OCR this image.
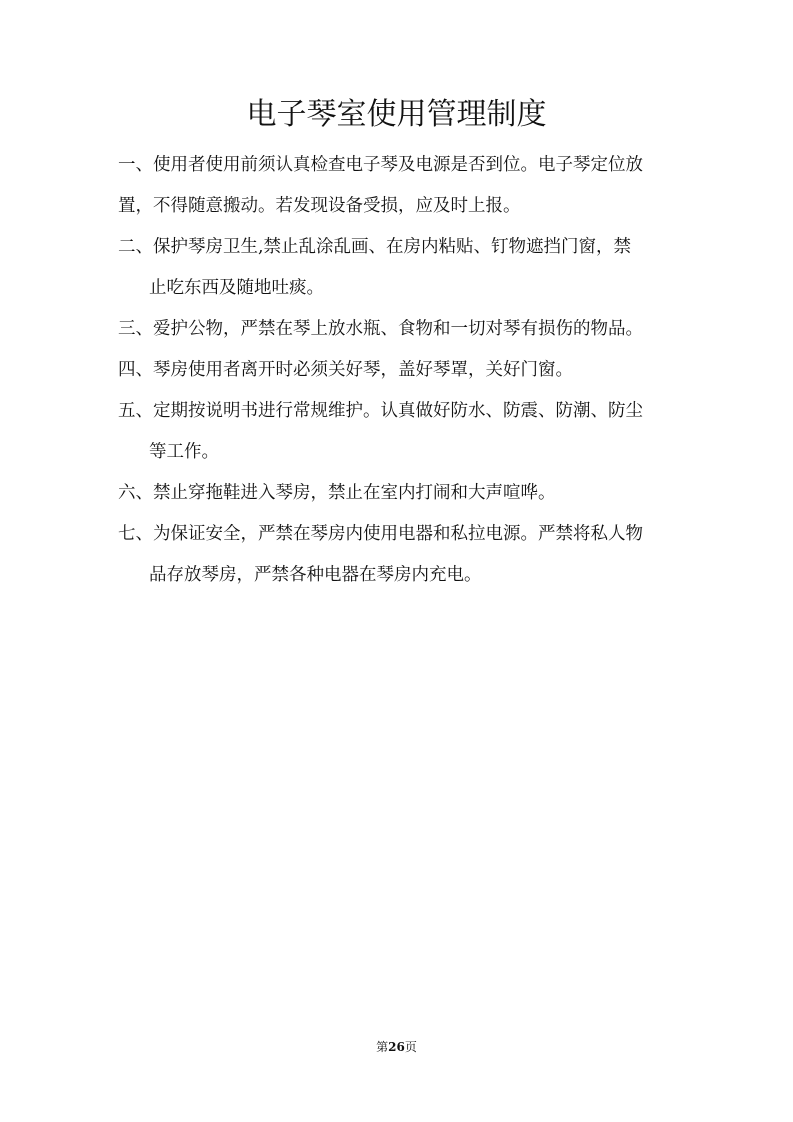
电子琴室使用管理制度
一、使用者使用前须认真检查电子琴及电源是否到位。电子琴定位放
置，不得随意搬动。若发现设备受损，应及时上报。
二、保护琴房卫生,禁止乱涂乱画、在房内粘贴、钉物遮挡门窗，禁
止吃东西及随地吐痰。
三、爱护公物，严禁在琴上放水瓶、食物和一切对琴有损伤的物品。
四、琴房使用者离开时必须关好琴，盖好琴罩，关好门窗。
五、定期按说明书进行常规维护。认真做好防水、防震、防潮、防尘
等工作。
六、禁止穿拖鞋进入琴房，禁止在室内打闹和大声喧哗。
七、为保证安全，严禁在琴房内使用电器和私拉电源。严禁将私人物
品存放琴房，严禁各种电器在琴房内充电。
第26页
